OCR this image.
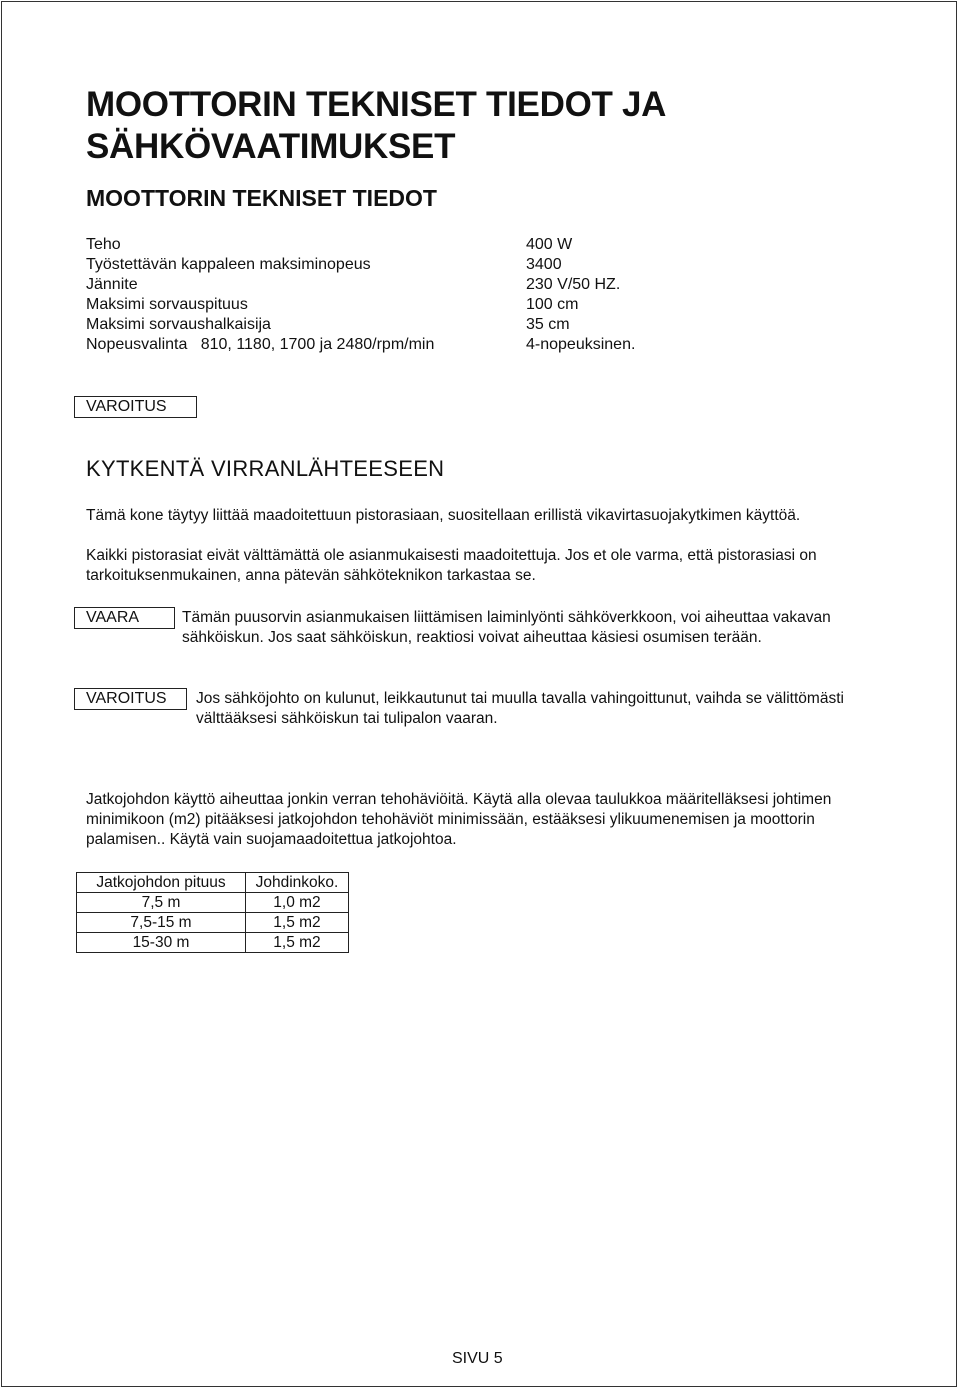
MOOTTORIN TEKNISET TIEDOT JA
SÄHKÖVAATIMUKSET
MOOTTORIN TEKNISET TIEDOT
Teho	400 W
Työstettävän kappaleen maksiminopeus	3400
Jännite	230 V/50 HZ.
Maksimi sorvauspituus	100 cm
Maksimi sorvaushalkaisija	35 cm
Nopeusvalinta   810, 1180, 1700 ja 2480/rpm/min	4-nopeuksinen.
VAROITUS
KYTKENTÄ VIRRANLÄHTEESEEN
Tämä kone täytyy liittää maadoitettuun pistorasiaan, suositellaan erillistä vikavirtasuojakytkimen käyttöä.
Kaikki pistorasiat eivät välttämättä ole asianmukaisesti maadoitettuja. Jos et ole varma, että pistorasiasi on tarkoituksenmukainen, anna pätevän sähköteknikon tarkastaa se.
VAARA	Tämän puusorvin asianmukaisen liittämisen laiminlyönti sähköverkkoon, voi aiheuttaa vakavan sähköiskun. Jos saat sähköiskun, reaktiosi voivat aiheuttaa käsiesi osumisen terään.
VAROITUS	Jos sähköjohto on kulunut, leikkautunut tai muulla tavalla vahingoittunut, vaihda se välittömästi välttääksesi sähköiskun tai tulipalon vaaran.
Jatkojohdon käyttö aiheuttaa jonkin verran tehohäviöitä. Käytä alla olevaa taulukkoa määritelläksesi johtimen minimikoon (m2) pitääksesi jatkojohdon tehohäviöt minimissään, estääksesi ylikuumenemisen ja moottorin palamisen.. Käytä vain suojamaadoitettua jatkojohtoa.
Jatkojohdon pituus	Johdinkoko.
7,5 m	1,0 m2
7,5-15 m	1,5 m2
15-30 m	1,5 m2
SIVU 5
